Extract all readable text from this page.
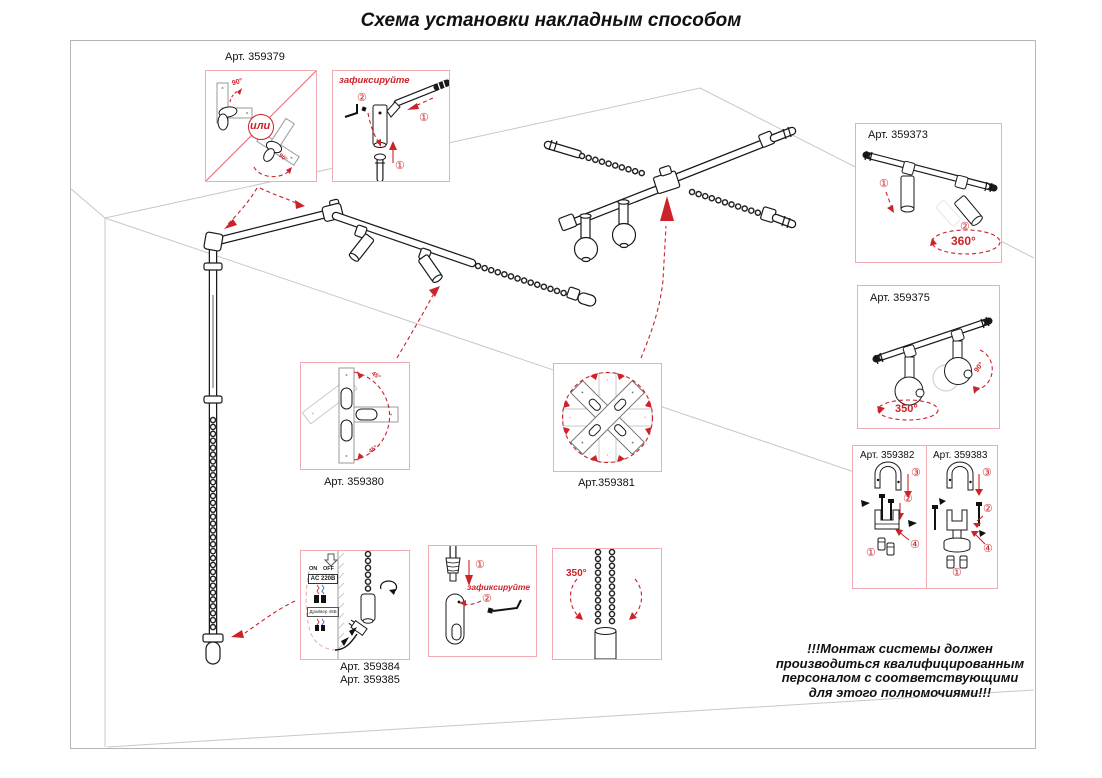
Схема установки накладным способом
Арт. 359379
90°
90°
или
зафиксируйте
②
①
①
Арт. 359373
①
②
360°
Арт. 359375
90°
350°
Арт. 359382
③
②
④
①
Арт. 359383
③
②
④
①
45°
45°
Арт. 359380	Арт.359381
ON OFF
AC 220В
Драйвер 48В
Арт. 359384
Арт. 359385
①
зафиксируйте
②
350°
!!!Монтаж системы должен
производиться квалифицированным
персоналом с соответствующими
для этого полномочиями!!!
